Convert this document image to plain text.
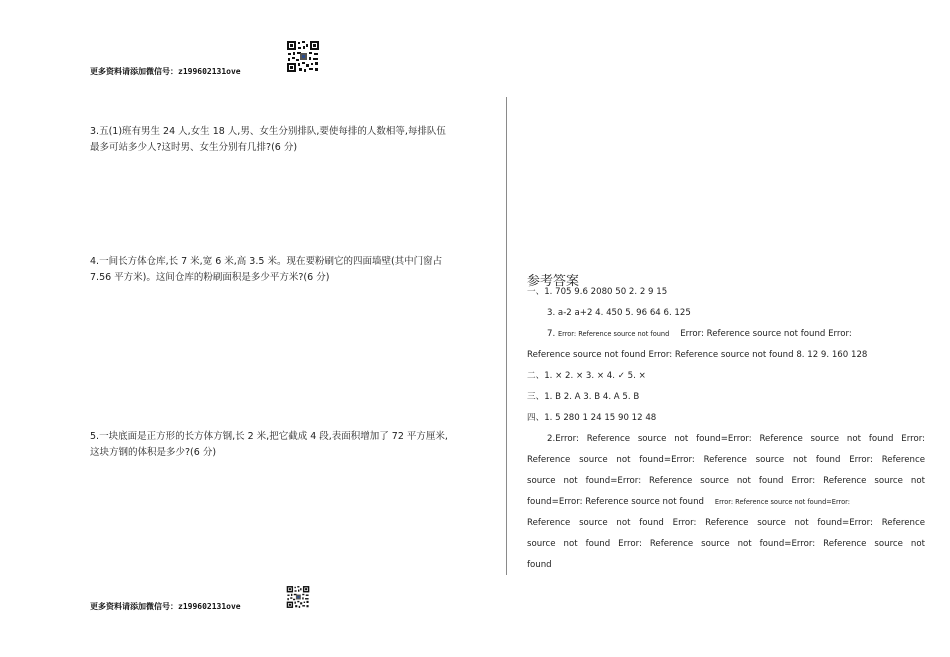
更多资料请添加微信号：z199602131ove
3.五(1)班有男生 24 人,女生 18 人,男、女生分别排队,要使每排的人数相等,每排队伍
最多可站多少人?这时男、女生分别有几排?(6 分)
4.一间长方体仓库,长 7 米,宽 6 米,高 3.5 米。现在要粉刷它的四面墙壁(其中门窗占
7.56 平方米)。这间仓库的粉刷面积是多少平方米?(6 分)
5.一块底面是正方形的长方体方钢,长 2 米,把它截成 4 段,表面积增加了 72 平方厘米,
这块方钢的体积是多少?(6 分)
参考答案
一、1. 705 9.6 2080 50 2. 2 9 15
3. a-2 a+2 4. 450 5. 96 64 6. 125
7. Error: Reference source not found Error: Reference source not found Error:
Reference source not found Error: Reference source not found 8. 12 9. 160 128
二、1. × 2. × 3. × 4. ✓ 5. ×
三、1. B 2. A 3. B 4. A 5. B
四、1. 5 280 1 24 15 90 12 48
2.Error: Reference source not found=Error: Reference source not found Error:
Reference source not found=Error: Reference source not found Error: Reference
source not found=Error: Reference source not found Error: Reference source not
found=Error: Reference source not found Error: Reference source not found=Error:
Reference source not found Error: Reference source not found=Error: Reference
source not found Error: Reference source not found=Error: Reference source not
found
更多资料请添加微信号：z199602131ove
